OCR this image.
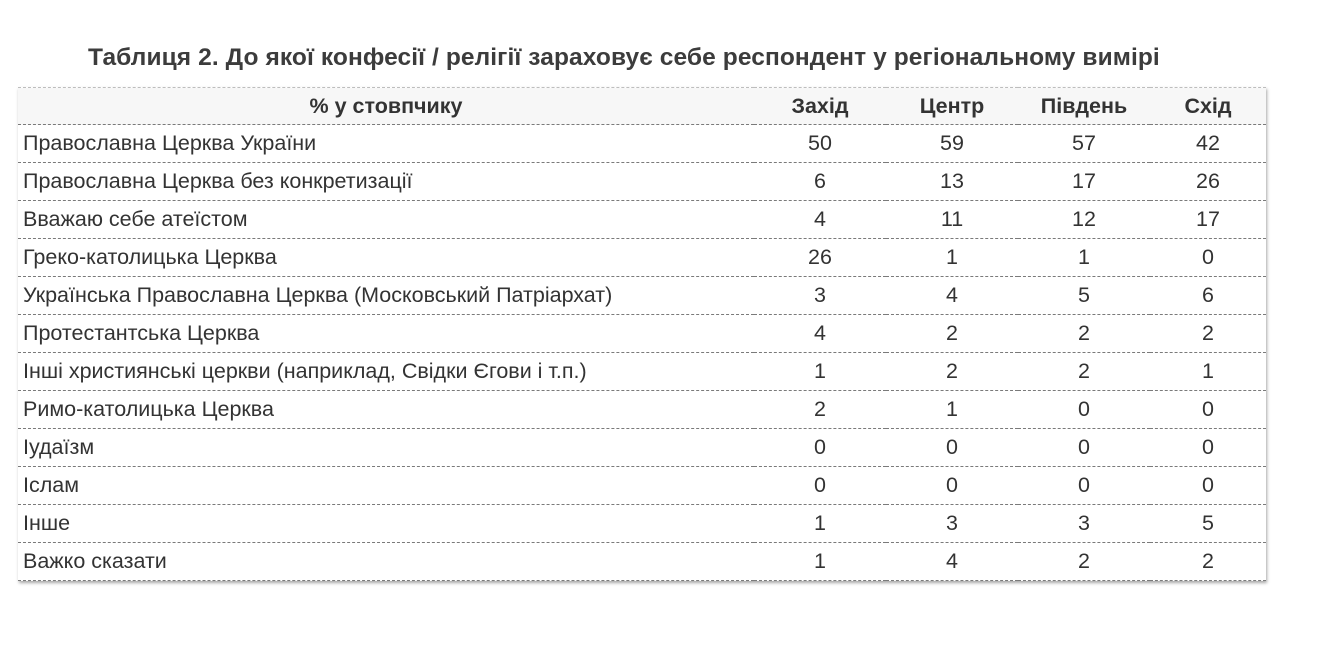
Таблиця 2. До якої конфесії / релігії зараховує себе респондент у регіональному вимірі
% у стовпчику	Захід	Центр	Південь	Схід
Православна Церква України	50	59	57	42
Православна Церква без конкретизації	6	13	17	26
Вважаю себе атеїстом	4	11	12	17
Греко-католицька Церква	26	1	1	0
Українська Православна Церква (Московський Патріархат)	3	4	5	6
Протестантська Церква	4	2	2	2
Інші християнські церкви (наприклад, Свідки Єгови і т.п.)	1	2	2	1
Римо-католицька Церква	2	1	0	0
Іудаїзм	0	0	0	0
Іслам	0	0	0	0
Інше	1	3	3	5
Важко сказати	1	4	2	2
